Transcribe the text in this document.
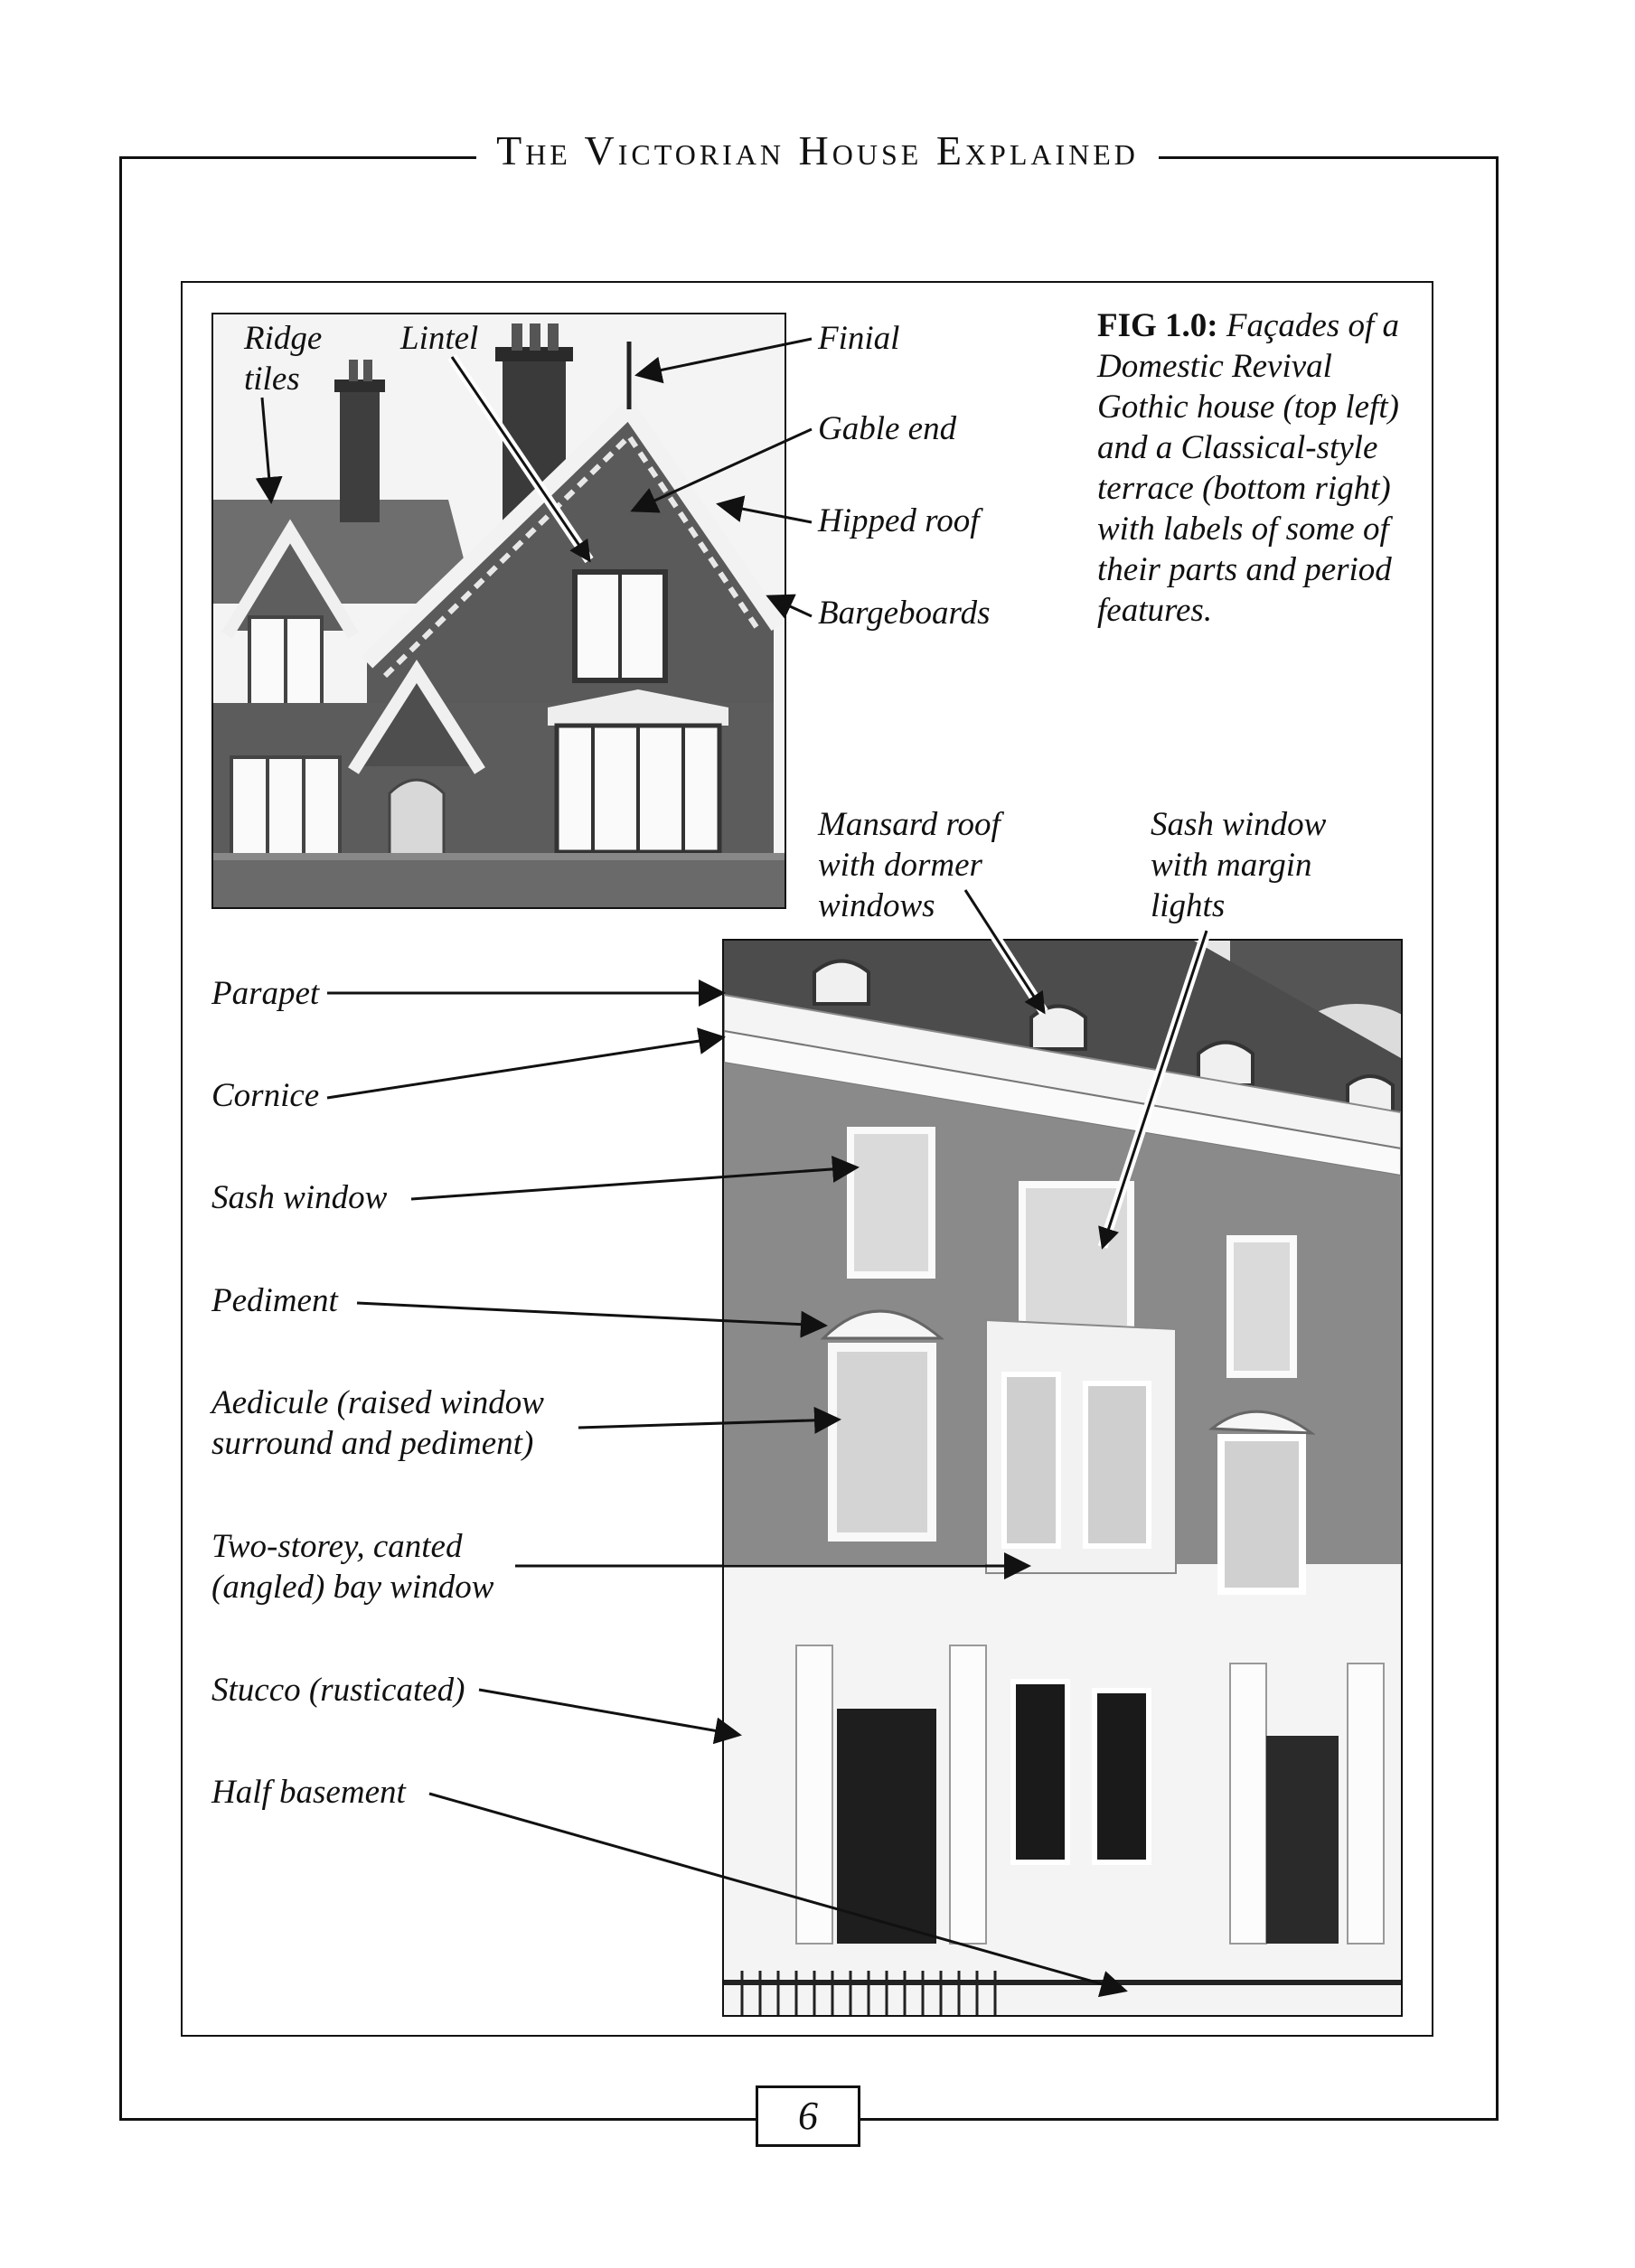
The Victorian House Explained
FIG 1.0: Façades of a Domestic Revival Gothic house (top left) and a Classical-style terrace (bottom right) with labels of some of their parts and period features.
Ridge tiles
Lintel	Finial
Gable end
Hipped roof
Bargeboards
Mansard roof with dormer windows
Sash window with margin lights
Parapet
Cornice
Sash window
Pediment
Aedicule (raised window surround and pediment)
Two-storey, canted (angled) bay window
Stucco (rusticated)
Half basement
6
